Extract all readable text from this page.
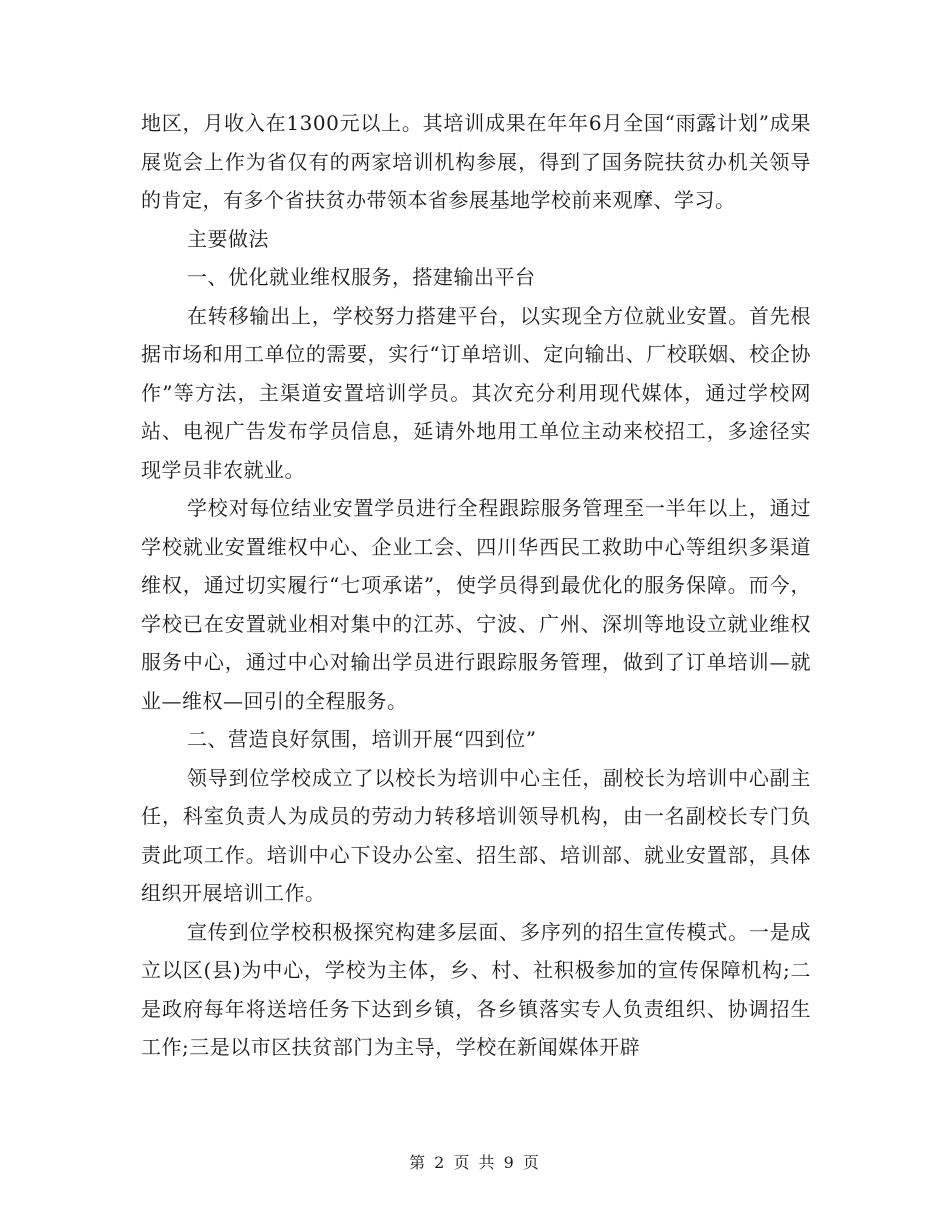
地区，月收入在1300元以上。其培训成果在年年6月全国“雨露计划”成果展览会上作为省仅有的两家培训机构参展，得到了国务院扶贫办机关领导的肯定，有多个省扶贫办带领本省参展基地学校前来观摩、学习。

主要做法

一、优化就业维权服务，搭建输出平台

在转移输出上，学校努力搭建平台，以实现全方位就业安置。首先根据市场和用工单位的需要，实行“订单培训、定向输出、厂校联姻、校企协作”等方法，主渠道安置培训学员。其次充分利用现代媒体，通过学校网站、电视广告发布学员信息，延请外地用工单位主动来校招工，多途径实现学员非农就业。

学校对每位结业安置学员进行全程跟踪服务管理至一半年以上，通过学校就业安置维权中心、企业工会、四川华西民工救助中心等组织多渠道维权，通过切实履行“七项承诺”，使学员得到最优化的服务保障。而今，学校已在安置就业相对集中的江苏、宁波、广州、深圳等地设立就业维权服务中心，通过中心对输出学员进行跟踪服务管理，做到了订单培训—就业—维权—回引的全程服务。

二、营造良好氛围，培训开展“四到位”

领导到位学校成立了以校长为培训中心主任，副校长为培训中心副主任，科室负责人为成员的劳动力转移培训领导机构，由一名副校长专门负责此项工作。培训中心下设办公室、招生部、培训部、就业安置部，具体组织开展培训工作。

宣传到位学校积极探究构建多层面、多序列的招生宣传模式。一是成立以区(县)为中心，学校为主体，乡、村、社积极参加的宣传保障机构;二是政府每年将送培任务下达到乡镇，各乡镇落实专人负责组织、协调招生工作;三是以市区扶贫部门为主导，学校在新闻媒体开辟

第 2 页 共 9 页
